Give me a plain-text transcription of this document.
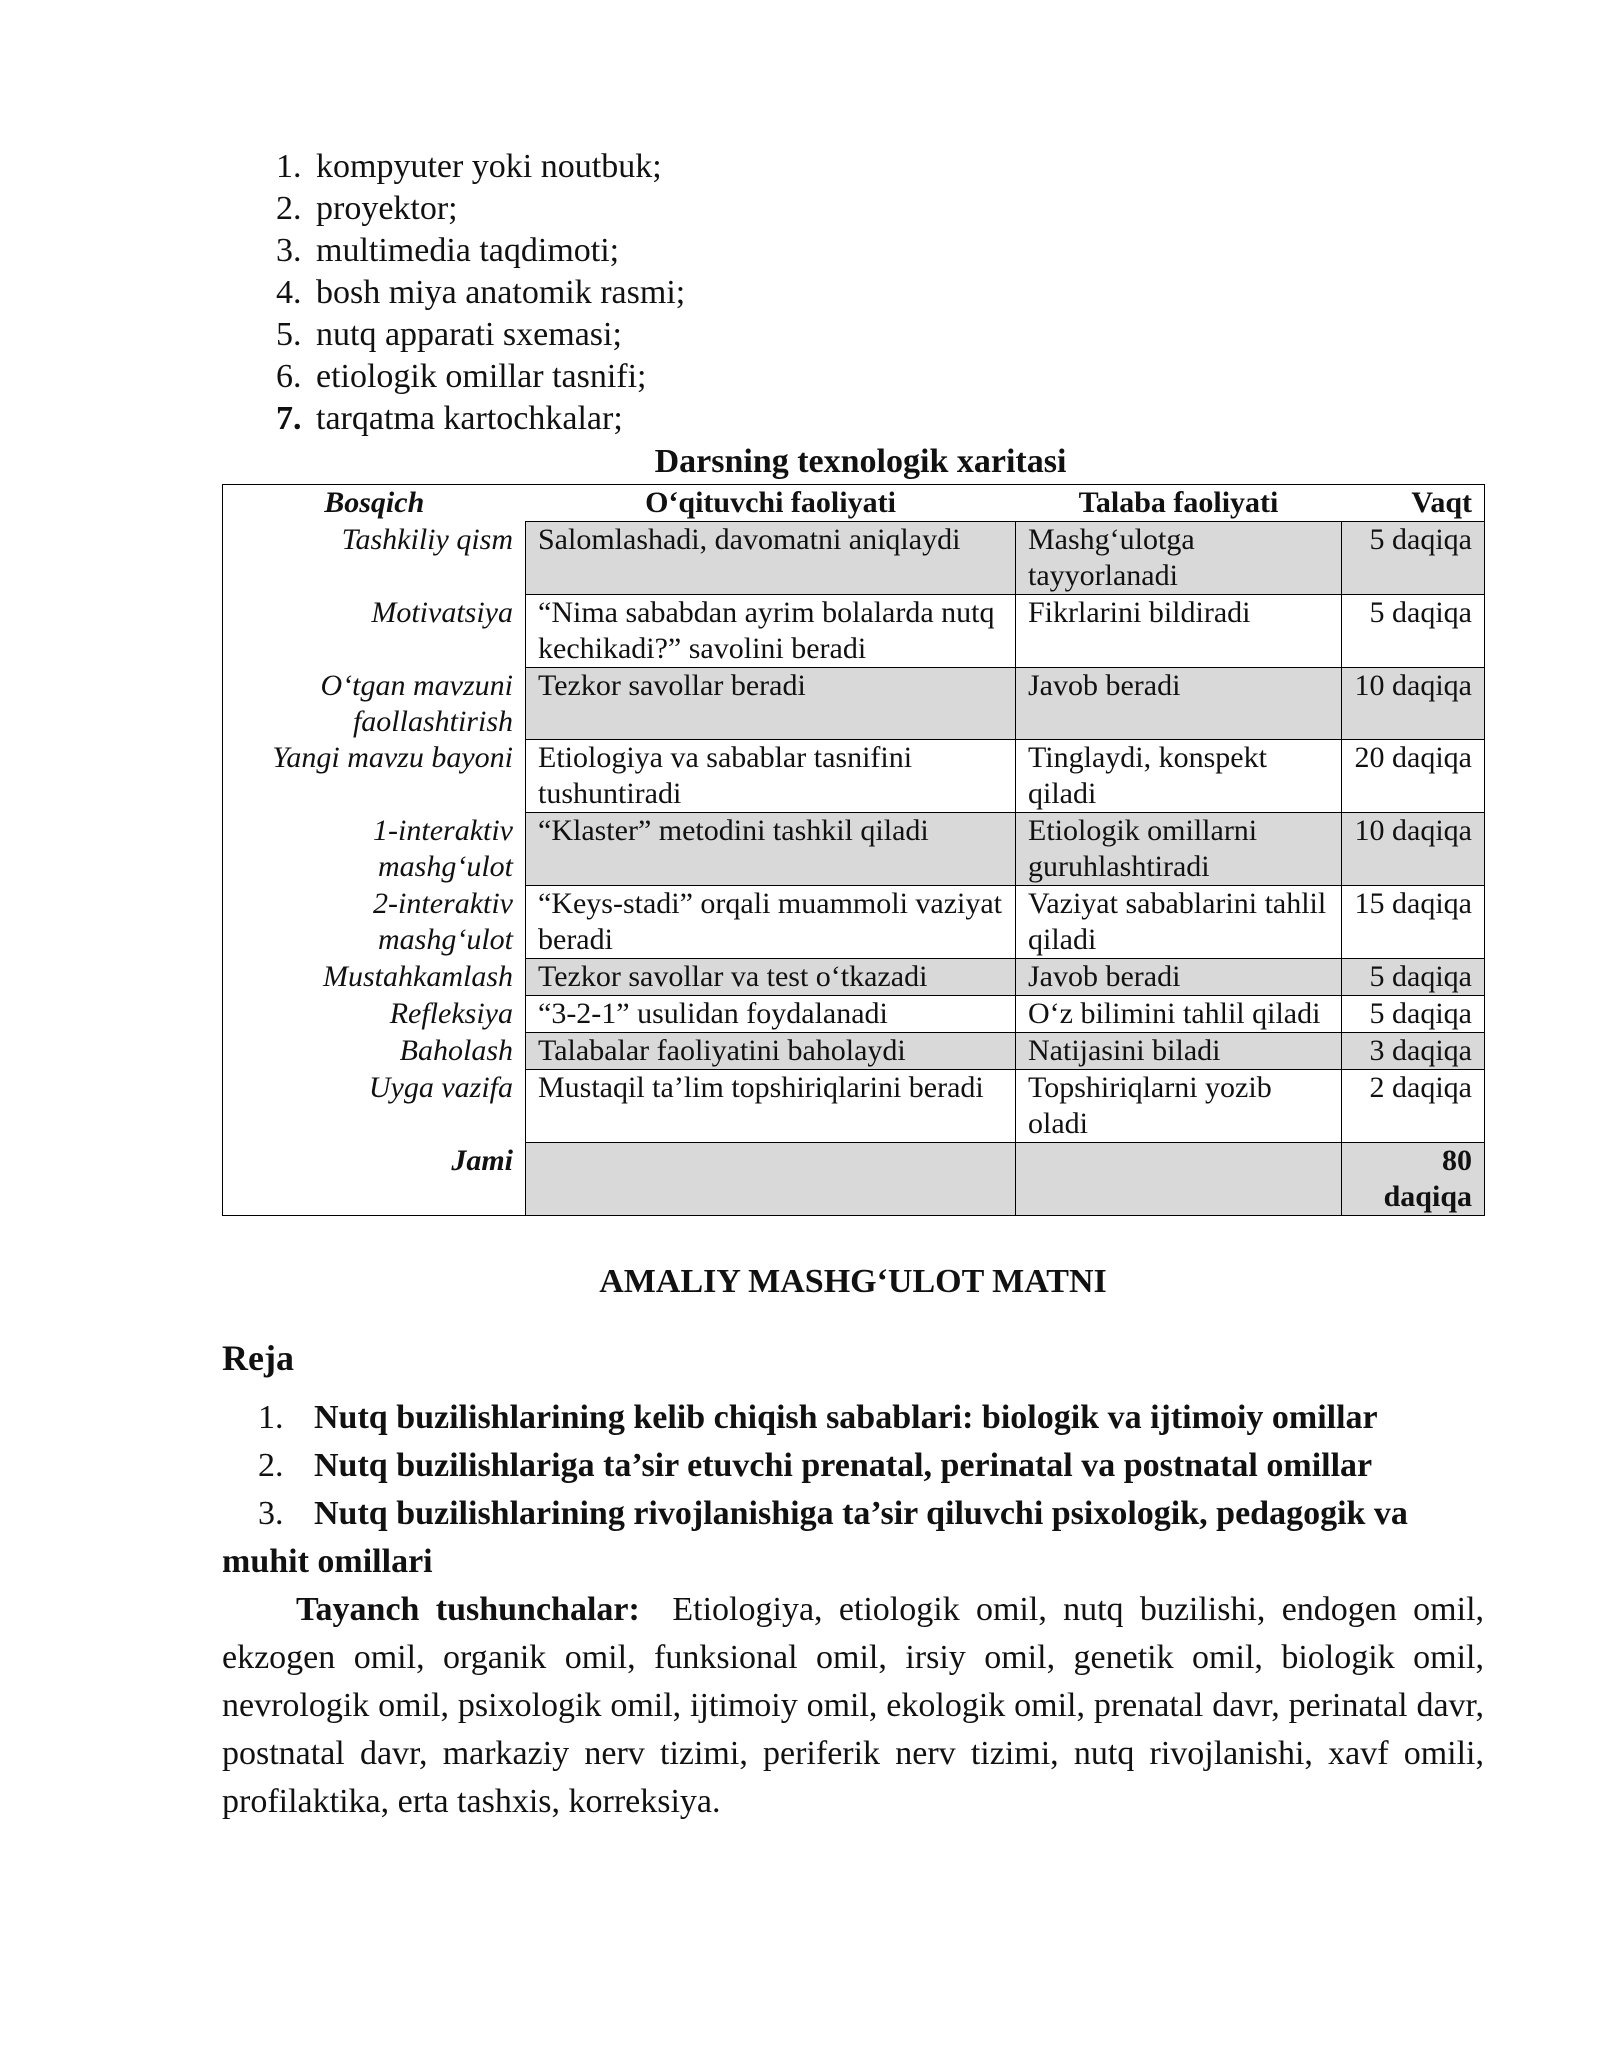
1. kompyuter yoki noutbuk;
2. proyektor;
3. multimedia taqdimoti;
4. bosh miya anatomik rasmi;
5. nutq apparati sxemasi;
6. etiologik omillar tasnifi;
7. tarqatma kartochkalar;
Darsning texnologik xaritasi
Bosqich	O‘qituvchi faoliyati	Talaba faoliyati	Vaqt
Tashkiliy qism	Salomlashadi, davomatni aniqlaydi	Mashg‘ulotga tayyorlanadi	5 daqiqa
Motivatsiya	“Nima sababdan ayrim bolalarda nutq kechikadi?” savolini beradi	Fikrlarini bildiradi	5 daqiqa
O‘tgan mavzuni faollashtirish	Tezkor savollar beradi	Javob beradi	10 daqiqa
Yangi mavzu bayoni	Etiologiya va sabablar tasnifini tushuntiradi	Tinglaydi, konspekt qiladi	20 daqiqa
1-interaktiv mashg‘ulot	“Klaster” metodini tashkil qiladi	Etiologik omillarni guruhlashtiradi	10 daqiqa
2-interaktiv mashg‘ulot	“Keys-stadi” orqali muammoli vaziyat beradi	Vaziyat sabablarini tahlil qiladi	15 daqiqa
Mustahkamlash	Tezkor savollar va test o‘tkazadi	Javob beradi	5 daqiqa
Refleksiya	“3-2-1” usulidan foydalanadi	O‘z bilimini tahlil qiladi	5 daqiqa
Baholash	Talabalar faoliyatini baholaydi	Natijasini biladi	3 daqiqa
Uyga vazifa	Mustaqil ta’lim topshiriqlarini beradi	Topshiriqlarni yozib oladi	2 daqiqa
Jami			80 daqiqa
AMALIY MASHG‘ULOT MATNI
Reja
1. Nutq buzilishlarining kelib chiqish sabablari: biologik va ijtimoiy omillar
2. Nutq buzilishlariga ta’sir etuvchi prenatal, perinatal va postnatal omillar
3. Nutq buzilishlarining rivojlanishiga ta’sir qiluvchi psixologik, pedagogik va muhit omillari

Tayanch tushunchalar: Etiologiya, etiologik omil, nutq buzilishi, endogen omil, ekzogen omil, organik omil, funksional omil, irsiy omil, genetik omil, biologik omil, nevrologik omil, psixologik omil, ijtimoiy omil, ekologik omil, prenatal davr, perinatal davr, postnatal davr, markaziy nerv tizimi, periferik nerv tizimi, nutq rivojlanishi, xavf omili, profilaktika, erta tashxis, korreksiya.
